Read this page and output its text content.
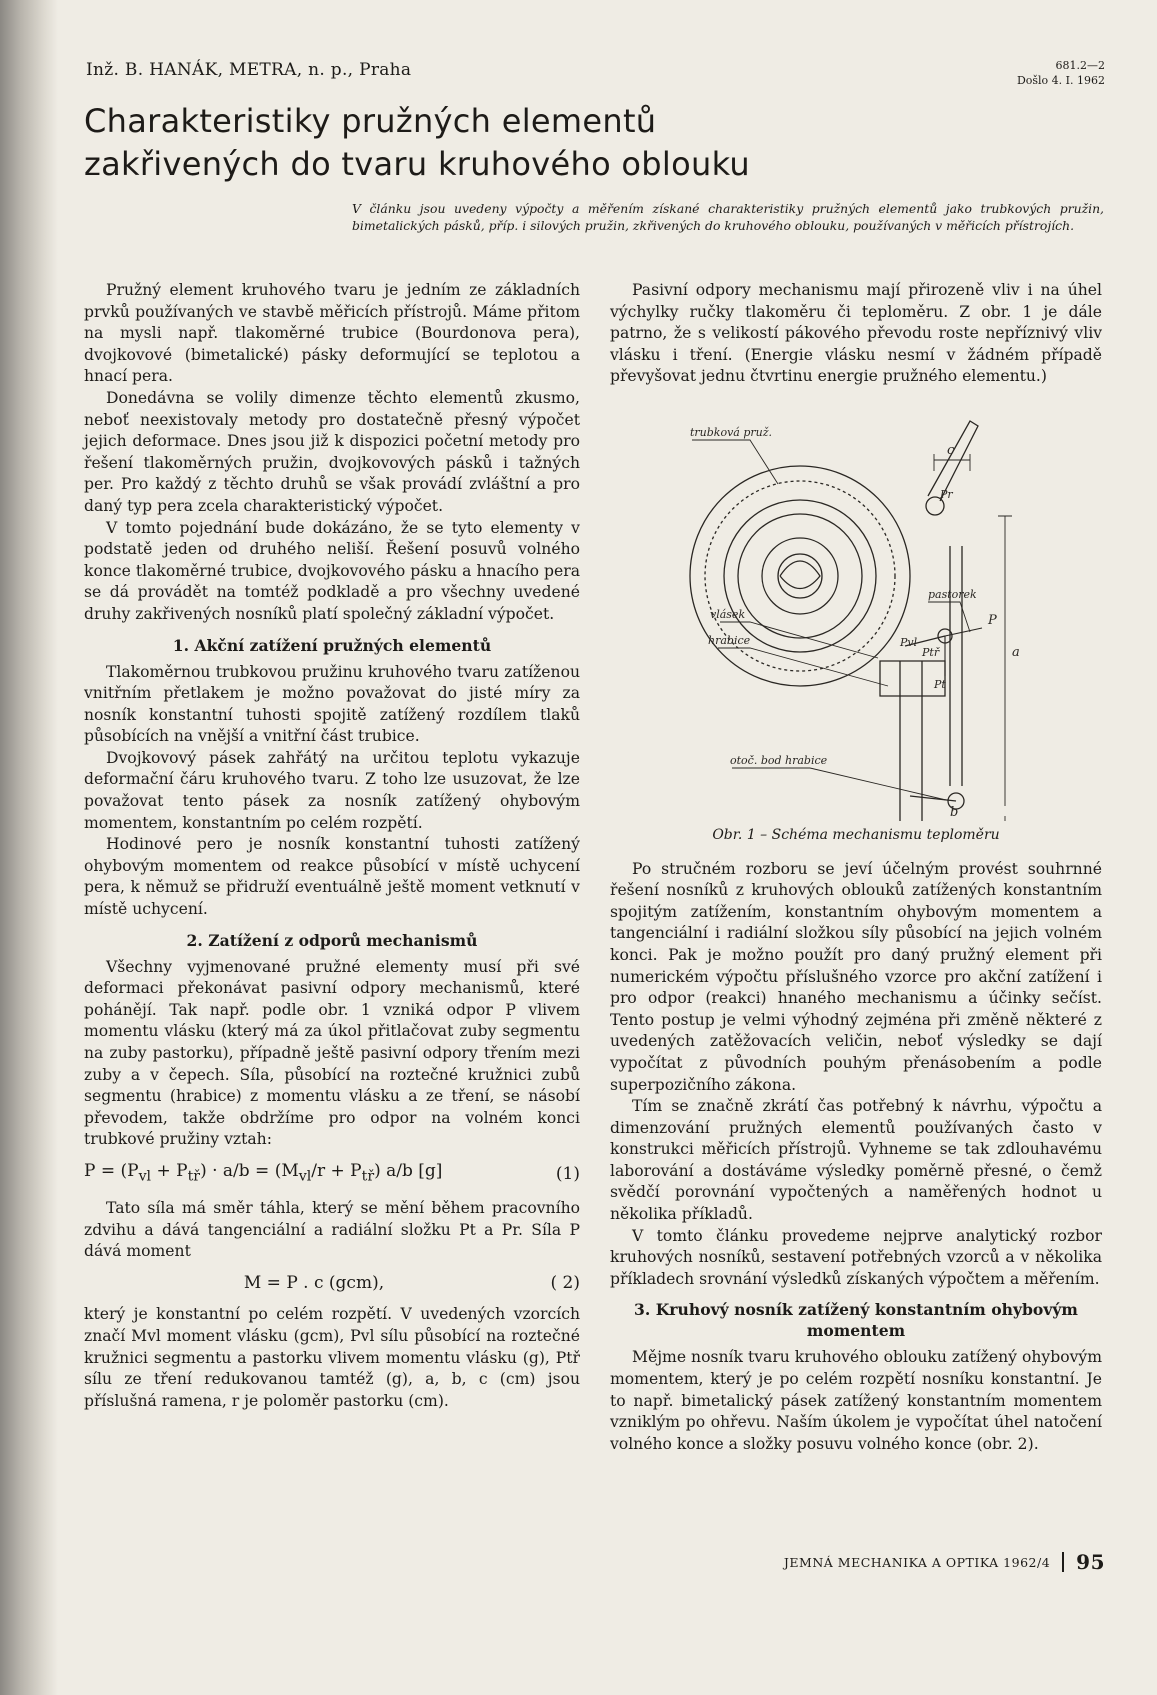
Inž. B. HANÁK, METRA, n. p., Praha	681.2—2
Došlo 4. I. 1962
Charakteristiky pružných elementů
zakřivených do tvaru kruhového oblouku
V článku jsou uvedeny výpočty a měřením získané charakteristiky pružných elementů jako trubkových pružin, bimetalických pásků, příp. i silových pružin, zkřivených do kruhového oblouku, používaných v měřicích přístrojích.

Pružný element kruhového tvaru je jedním ze základních prvků používaných ve stavbě měřicích přístrojů. Máme přitom na mysli např. tlakoměrné trubice (Bourdonova pera), dvojkovové (bimetalické) pásky deformující se teplotou a hnací pera.

Donedávna se volily dimenze těchto elementů zkusmo, neboť neexistovaly metody pro dostatečně přesný výpočet jejich deformace. Dnes jsou již k dispozici početní metody pro řešení tlakoměrných pružin, dvojkovových pásků i tažných per. Pro každý z těchto druhů se však provádí zvláštní a pro daný typ pera zcela charakteristický výpočet.

V tomto pojednání bude dokázáno, že se tyto elementy v podstatě jeden od druhého neliší. Řešení posuvů volného konce tlakoměrné trubice, dvojkovového pásku a hnacího pera se dá provádět na tomtéž podkladě a pro všechny uvedené druhy zakřivených nosníků platí společný základní výpočet.

1. Akční zatížení pružných elementů

Tlakoměrnou trubkovou pružinu kruhového tvaru zatíženou vnitřním přetlakem je možno považovat do jisté míry za nosník konstantní tuhosti spojitě zatížený rozdílem tlaků působících na vnější a vnitřní část trubice.

Dvojkovový pásek zahřátý na určitou teplotu vykazuje deformační čáru kruhového tvaru. Z toho lze usuzovat, že lze považovat tento pásek za nosník zatížený ohybovým momentem, konstantním po celém rozpětí.

Hodinové pero je nosník konstantní tuhosti zatížený ohybovým momentem od reakce působící v místě uchycení pera, k němuž se přidruží eventuálně ještě moment vetknutí v místě uchycení.

2. Zatížení z odporů mechanismů

Všechny vyjmenované pružné elementy musí při své deformaci překonávat pasivní odpory mechanismů, které pohánějí. Tak např. podle obr. 1 vzniká odpor P vlivem momentu vlásku (který má za úkol přitlačovat zuby segmentu na zuby pastorku), případně ještě pasivní odpory třením mezi zuby a v čepech. Síla, působící na roztečné kružnici zubů segmentu (hrabice) z momentu vlásku a ze tření, se násobí převodem, takže obdržíme pro odpor na volném konci trubkové pružiny vztah:

$P = (P_{vl} + P_{tř}) \cdot a/b = (M_{vl}/r + P_{tř})$ a/b [g]	(1)

Tato síla má směr táhla, který se mění během pracovního zdvihu a dává tangenciální a radiální složku Pt a Pr. Síla P dává moment

M = P . c (gcm),	( 2)

který je konstantní po celém rozpětí. V uvedených vzorcích značí Mvl moment vlásku (gcm), Pvl sílu působící na roztečné kružnici segmentu a pastorku vlivem momentu vlásku (g), Ptř sílu ze tření redukovanou tamtéž (g), a, b, c (cm) jsou příslušná ramena, r je poloměr pastorku (cm).

Pasivní odpory mechanismu mají přirozeně vliv i na úhel výchylky ručky tlakoměru či teploměru. Z obr. 1 je dále patrno, že s velikostí pákového převodu roste nepříznivý vliv vlásku i tření. (Energie vlásku nesmí v žádném případě převyšovat jednu čtvrtinu energie pružného elementu.)

trubková pruž.
pastorek
vlásek
hrabice
otoč. bod hrabice
c
a
b
P
Pr
Pt
Pvl
Ptř
Obr. 1 – Schéma mechanismu teploměru

Po stručném rozboru se jeví účelným provést souhrnné řešení nosníků z kruhových oblouků zatížených konstantním spojitým zatížením, konstantním ohybovým momentem a tangenciální i radiální složkou síly působící na jejich volném konci. Pak je možno použít pro daný pružný element při numerickém výpočtu příslušného vzorce pro akční zatížení i pro odpor (reakci) hnaného mechanismu a účinky sečíst. Tento postup je velmi výhodný zejména při změně některé z uvedených zatěžovacích veličin, neboť výsledky se dají vypočítat z původních pouhým přenásobením a podle superpozičního zákona.

Tím se značně zkrátí čas potřebný k návrhu, výpočtu a dimenzování pružných elementů používaných často v konstrukci měřicích přístrojů. Vyhneme se tak zdlouhavému laborování a dostáváme výsledky poměrně přesné, o čemž svědčí porovnání vypočtených a naměřených hodnot u několika příkladů.

V tomto článku provedeme nejprve analytický rozbor kruhových nosníků, sestavení potřebných vzorců a v několika příkladech srovnání výsledků získaných výpočtem a měřením.

3. Kruhový nosník zatížený konstantním ohybovým momentem

Mějme nosník tvaru kruhového oblouku zatížený ohybovým momentem, který je po celém rozpětí nosníku konstantní. Je to např. bimetalický pásek zatížený konstantním momentem vzniklým po ohřevu. Naším úkolem je vypočítat úhel natočení volného konce a složky posuvu volného konce (obr. 2).

JEMNÁ MECHANIKA A OPTIKA 1962/4 95
